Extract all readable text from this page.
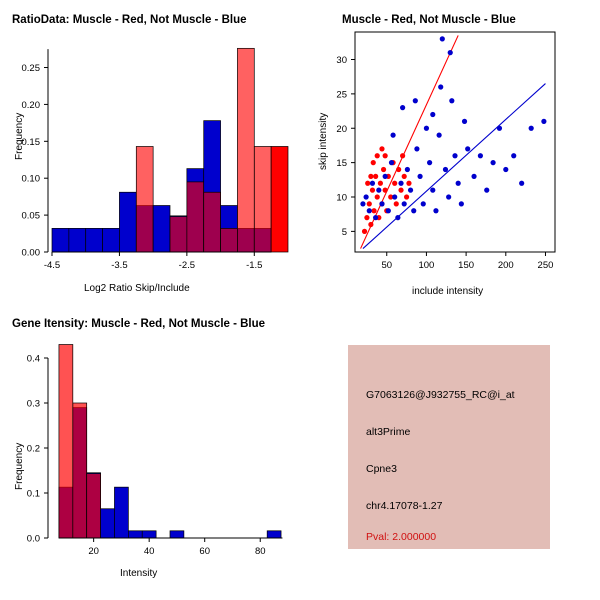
RatioData: Muscle - Red, Not Muscle - Blue
Frequency
Log2 Ratio Skip/Include
-4.5	-3.5	-2.5	-1.5
0.00
0.05
0.10
0.15
0.20
0.25
Muscle - Red, Not Muscle - Blue
skip intensity
include intensity
50	100	150	200	250
5
10
15
20
25
30
Gene Itensity: Muscle - Red, Not Muscle - Blue
Frequency
Intensity
20	40	60	80
0.0
0.1
0.2
0.3
0.4
G7063126@J932755_RC@i_at
alt3Prime
Cpne3
chr4.17078-1.27
Pval: 2.000000
